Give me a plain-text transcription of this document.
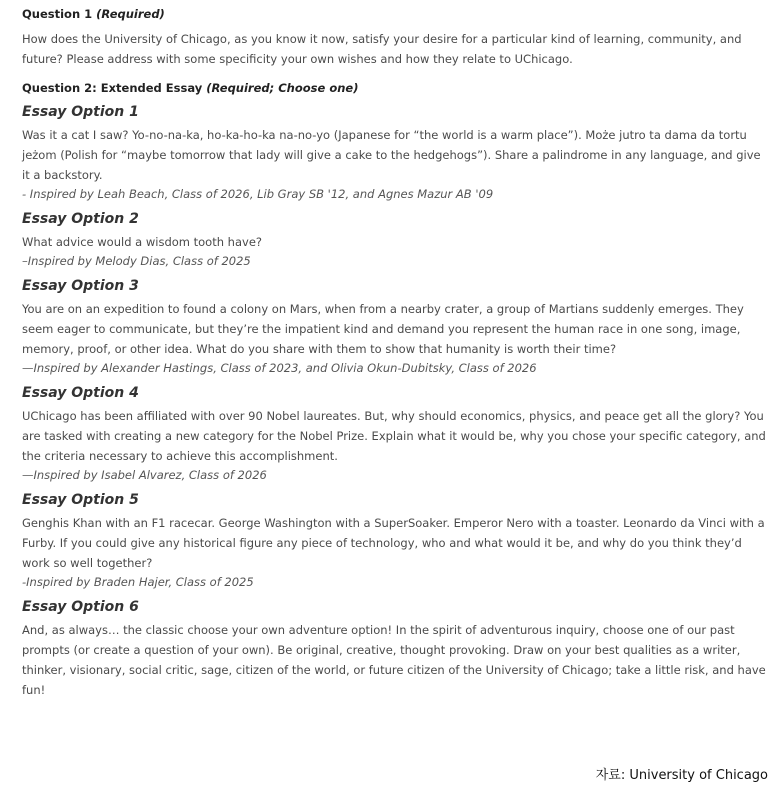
Question 1 (Required)

How does the University of Chicago, as you know it now, satisfy your desire for a particular kind of learning, community, and future? Please address with some specificity your own wishes and how they relate to UChicago.

Question 2: Extended Essay (Required; Choose one)

Essay Option 1

Was it a cat I saw? Yo-no-na-ka, ho-ka-ho-ka na-no-yo (Japanese for “the world is a warm place”). Może jutro ta dama da tortu jeżom (Polish for “maybe tomorrow that lady will give a cake to the hedgehogs”). Share a palindrome in any language, and give it a backstory.

- Inspired by Leah Beach, Class of 2026, Lib Gray SB '12, and Agnes Mazur AB '09

Essay Option 2

What advice would a wisdom tooth have?

–Inspired by Melody Dias, Class of 2025

Essay Option 3

You are on an expedition to found a colony on Mars, when from a nearby crater, a group of Martians suddenly emerges. They seem eager to communicate, but they’re the impatient kind and demand you represent the human race in one song, image, memory, proof, or other idea. What do you share with them to show that humanity is worth their time?

—Inspired by Alexander Hastings, Class of 2023, and Olivia Okun-Dubitsky, Class of 2026

Essay Option 4

UChicago has been affiliated with over 90 Nobel laureates. But, why should economics, physics, and peace get all the glory? You are tasked with creating a new category for the Nobel Prize. Explain what it would be, why you chose your specific category, and the criteria necessary to achieve this accomplishment.

—Inspired by Isabel Alvarez, Class of 2026

Essay Option 5

Genghis Khan with an F1 racecar. George Washington with a SuperSoaker. Emperor Nero with a toaster. Leonardo da Vinci with a Furby. If you could give any historical figure any piece of technology, who and what would it be, and why do you think they’d work so well together?

-Inspired by Braden Hajer, Class of 2025

Essay Option 6

And, as always… the classic choose your own adventure option! In the spirit of adventurous inquiry, choose one of our past prompts (or create a question of your own). Be original, creative, thought provoking. Draw on your best qualities as a writer, thinker, visionary, social critic, sage, citizen of the world, or future citizen of the University of Chicago; take a little risk, and have fun!

자료: University of Chicago
